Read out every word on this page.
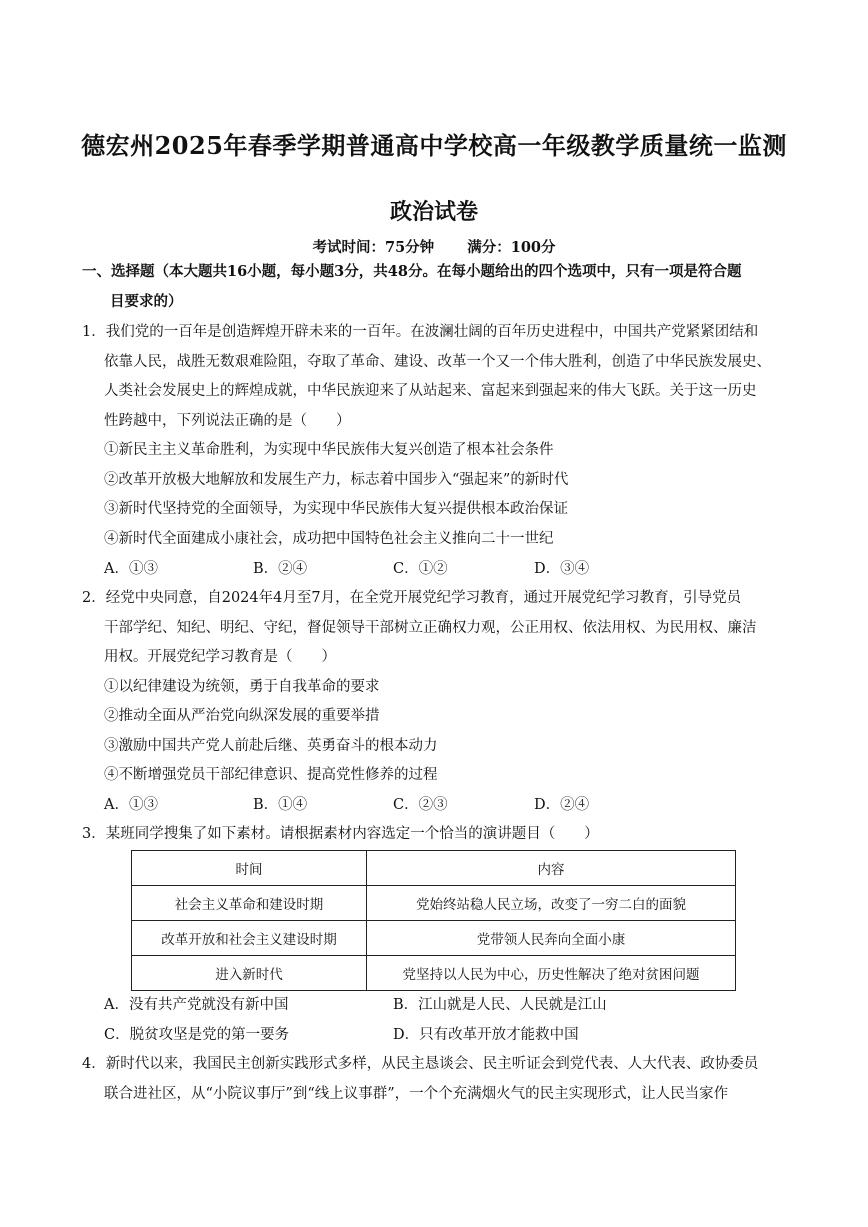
德宏州2025年春季学期普通高中学校高一年级教学质量统一监测
政治试卷
考试时间：75分钟 满分：100分
一、选择题（本大题共16小题，每小题3分，共48分。在每小题给出的四个选项中，只有一项是符合题
目要求的）
1．我们党的一百年是创造辉煌开辟未来的一百年。在波澜壮阔的百年历史进程中，中国共产党紧紧团结和
依靠人民，战胜无数艰难险阻，夺取了革命、建设、改革一个又一个伟大胜利，创造了中华民族发展史、
人类社会发展史上的辉煌成就，中华民族迎来了从站起来、富起来到强起来的伟大飞跃。关于这一历史
性跨越中，下列说法正确的是（　　）
①新民主主义革命胜利，为实现中华民族伟大复兴创造了根本社会条件
②改革开放极大地解放和发展生产力，标志着中国步入“强起来”的新时代
③新时代坚持党的全面领导，为实现中华民族伟大复兴提供根本政治保证
④新时代全面建成小康社会，成功把中国特色社会主义推向二十一世纪
A．①③	B．②④	C．①②	D．③④
2．经党中央同意，自2024年4月至7月，在全党开展党纪学习教育，通过开展党纪学习教育，引导党员
干部学纪、知纪、明纪、守纪，督促领导干部树立正确权力观，公正用权、依法用权、为民用权、廉洁
用权。开展党纪学习教育是（　　）
①以纪律建设为统领，勇于自我革命的要求
②推动全面从严治党向纵深发展的重要举措
③激励中国共产党人前赴后继、英勇奋斗的根本动力
④不断增强党员干部纪律意识、提高党性修养的过程
A．①③	B．①④	C．②③	D．②④
3．某班同学搜集了如下素材。请根据素材内容选定一个恰当的演讲题目（　　）
时间	内容
社会主义革命和建设时期	党始终站稳人民立场，改变了一穷二白的面貌
改革开放和社会主义建设时期	党带领人民奔向全面小康
进入新时代	党坚持以人民为中心，历史性解决了绝对贫困问题
A．没有共产党就没有新中国	B．江山就是人民、人民就是江山
C．脱贫攻坚是党的第一要务	D．只有改革开放才能救中国
4．新时代以来，我国民主创新实践形式多样，从民主恳谈会、民主听证会到党代表、人大代表、政协委员
联合进社区，从“小院议事厅”到“线上议事群”，一个个充满烟火气的民主实现形式，让人民当家作
